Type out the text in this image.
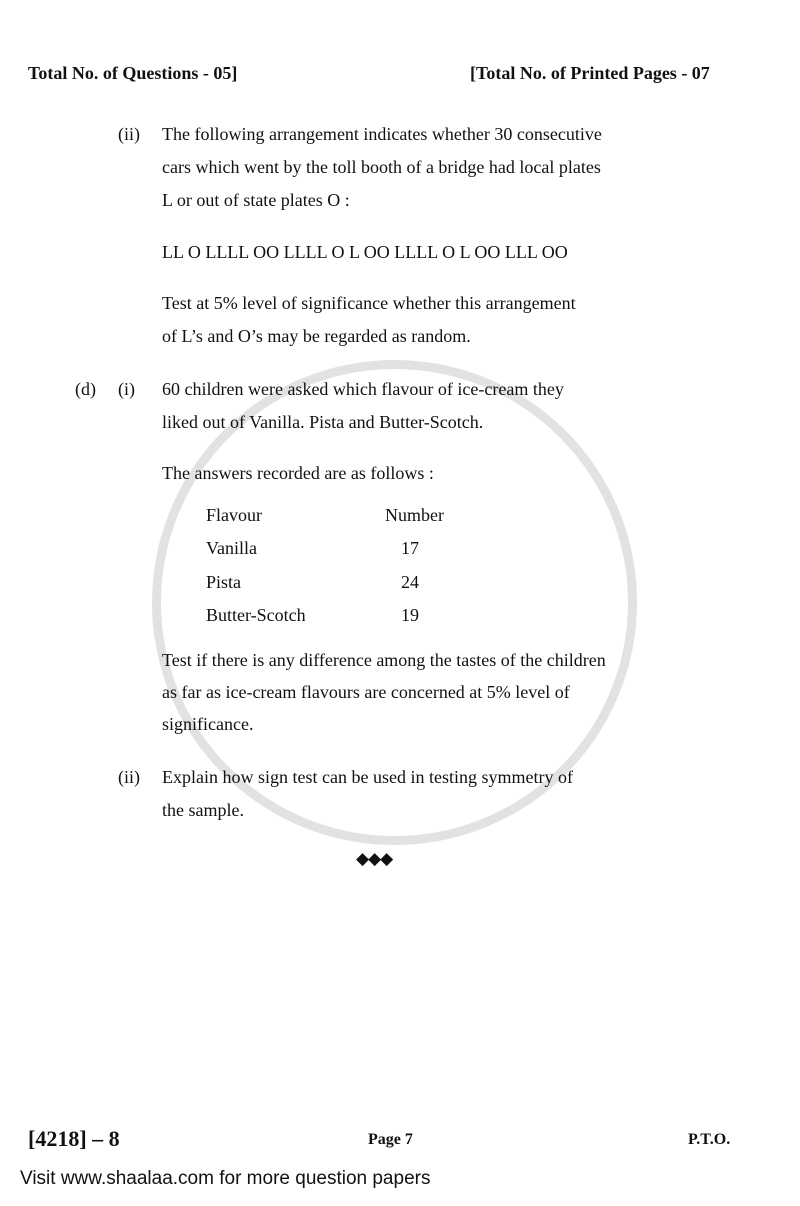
Total No. of Questions - 05]	[Total No. of Printed Pages - 07
(ii) The following arrangement indicates whether 30 consecutive
cars which went by the toll booth of a bridge had local plates
L or out of state plates O :
LL O LLLL OO LLLL O L OO LLLL O L OO LLL OO
Test at 5% level of significance whether this arrangement
of L’s and O’s may be regarded as random.
(d) (i) 60 children were asked which flavour of ice-cream they
liked out of Vanilla. Pista and Butter-Scotch.
The answers recorded are as follows :
Flavour	Number
Vanilla	17
Pista	24
Butter-Scotch	19
Test if there is any difference among the tastes of the children
as far as ice-cream flavours are concerned at 5% level of
significance.
(ii) Explain how sign test can be used in testing symmetry of
the sample.
◆◆◆
[4218] – 8	Page 7	P.T.O.
Visit www.shaalaa.com for more question papers
